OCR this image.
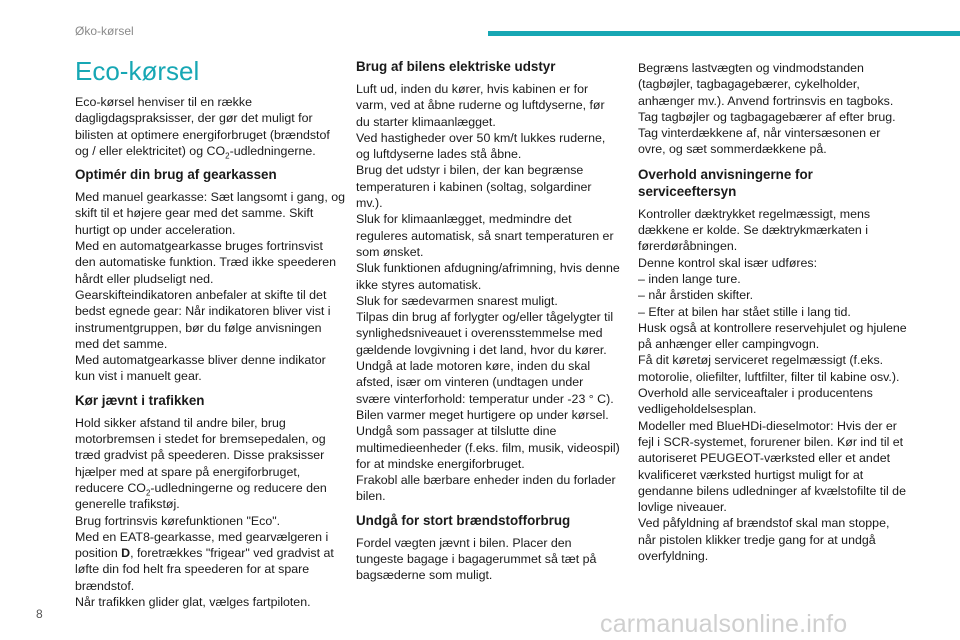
Øko-kørsel
Eco-kørsel

Eco-kørsel henviser til en række dagligdagspraksisser, der gør det muligt for bilisten at optimere energiforbruget (brændstof og / eller elektricitet) og $CO_2$-udledningerne.

Optimér din brug af gearkassen

Med manuel gearkasse: Sæt langsomt i gang, og skift til et højere gear med det samme. Skift hurtigt op under acceleration.

Med en automatgearkasse bruges fortrinsvist den automatiske funktion. Træd ikke speederen hårdt eller pludseligt ned.

Gearskifteindikatoren anbefaler at skifte til det bedst egnede gear: Når indikatoren bliver vist i instrumentgruppen, bør du følge anvisningen med det samme.

Med automatgearkasse bliver denne indikator kun vist i manuelt gear.

Kør jævnt i trafikken

Hold sikker afstand til andre biler, brug motorbremsen i stedet for bremsepedalen, og træd gradvist på speederen. Disse praksisser hjælper med at spare på energiforbruget, reducere $CO_2$-udledningerne og reducere den generelle trafikstøj.

Brug fortrinsvis kørefunktionen "Eco".

Med en EAT8-gearkasse, med gearvælgeren i position D, foretrækkes "frigear" ved gradvist at løfte din fod helt fra speederen for at spare brændstof.

Når trafikken glider glat, vælges fartpiloten.

Brug af bilens elektriske udstyr

Luft ud, inden du kører, hvis kabinen er for varm, ved at åbne ruderne og luftdyserne, før du starter klimaanlægget.

Ved hastigheder over 50 km/t lukkes ruderne, og luftdyserne lades stå åbne.

Brug det udstyr i bilen, der kan begrænse temperaturen i kabinen (soltag, solgardiner mv.).

Sluk for klimaanlægget, medmindre det reguleres automatisk, så snart temperaturen er som ønsket.

Sluk funktionen afdugning/afrimning, hvis denne ikke styres automatisk.

Sluk for sædevarmen snarest muligt.

Tilpas din brug af forlygter og/eller tågelygter til synlighedsniveauet i overensstemmelse med gældende lovgivning i det land, hvor du kører.

Undgå at lade motoren køre, inden du skal afsted, især om vinteren (undtagen under svære vinterforhold: temperatur under -23 ° C). Bilen varmer meget hurtigere op under kørsel.

Undgå som passager at tilslutte dine multimedieenheder (f.eks. film, musik, videospil) for at mindske energiforbruget.

Frakobl alle bærbare enheder inden du forlader bilen.

Undgå for stort brændstofforbrug

Fordel vægten jævnt i bilen. Placer den tungeste bagage i bagagerummet så tæt på bagsæderne som muligt.

Begræns lastvægten og vindmodstanden (tagbøjler, tagbagagebærer, cykelholder, anhænger mv.). Anvend fortrinsvis en tagboks.

Tag tagbøjler og tagbagagebærer af efter brug.

Tag vinterdækkene af, når vintersæsonen er ovre, og sæt sommerdækkene på.

Overhold anvisningerne for serviceeftersyn

Kontroller dæktrykket regelmæssigt, mens dækkene er kolde. Se dæktrykmærkaten i førerdøråbningen.

Denne kontrol skal især udføres:

– inden lange ture.

– når årstiden skifter.

– Efter at bilen har stået stille i lang tid.

Husk også at kontrollere reservehjulet og hjulene på anhænger eller campingvogn.

Få dit køretøj serviceret regelmæssigt (f.eks. motorolie, oliefilter, luftfilter, filter til kabine osv.).

Overhold alle serviceaftaler i producentens vedligeholdelsesplan.

Modeller med BlueHDi-dieselmotor: Hvis der er fejl i SCR-systemet, forurener bilen. Kør ind til et autoriseret PEUGEOT-værksted eller et andet kvalificeret værksted hurtigst muligt for at gendanne bilens udledninger af kvælstofilte til de lovlige niveauer.

Ved påfyldning af brændstof skal man stoppe, når pistolen klikker tredje gang for at undgå overfyldning.

8	carmanualsonline.info
